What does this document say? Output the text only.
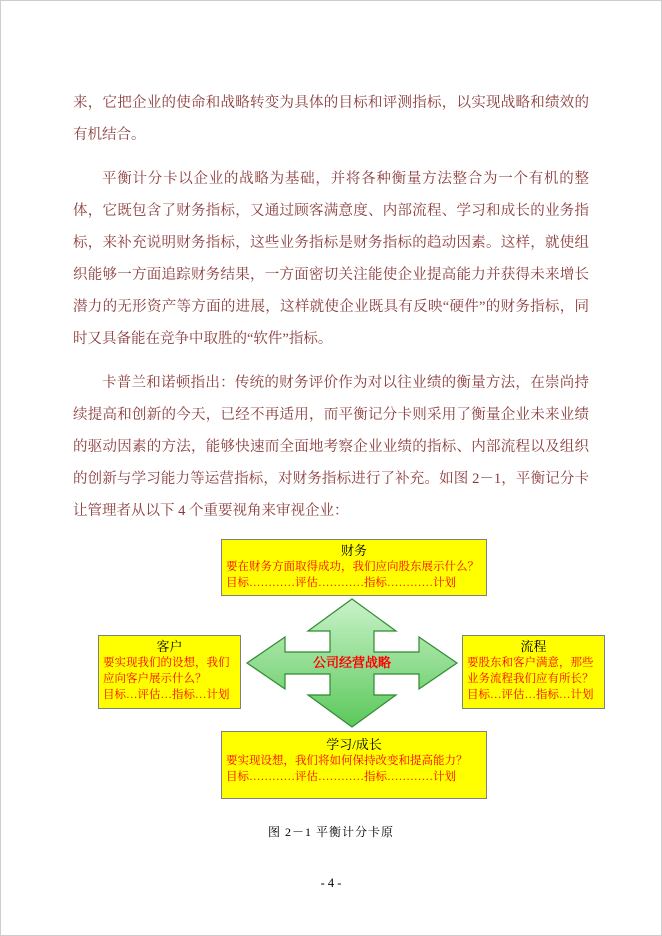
来，它把企业的使命和战略转变为具体的目标和评测指标，以实现战略和绩效的有机结合。

平衡计分卡以企业的战略为基础，并将各种衡量方法整合为一个有机的整体，它既包含了财务指标，又通过顾客满意度、内部流程、学习和成长的业务指标，来补充说明财务指标，这些业务指标是财务指标的趋动因素。这样，就使组织能够一方面追踪财务结果，一方面密切关注能使企业提高能力并获得未来增长潜力的无形资产等方面的进展，这样就使企业既具有反映“硬件”的财务指标，同时又具备能在竞争中取胜的“软件”指标。

卡普兰和诺顿指出：传统的财务评价作为对以往业绩的衡量方法，在崇尚持续提高和创新的今天，已经不再适用，而平衡记分卡则采用了衡量企业未来业绩的驱动因素的方法，能够快速而全面地考察企业业绩的指标、内部流程以及组织的创新与学习能力等运营指标，对财务指标进行了补充。如图 2－1，平衡记分卡让管理者从以下 4 个重要视角来审视企业：

财务
要在财务方面取得成功，我们应向股东展示什么？
目标…………评估…………指标…………计划
客户
要实现我们的设想，我们应向客户展示什么？
目标…评估…指标…计划
公司经营战略
流程
要股东和客户满意，那些业务流程我们应有所长？
目标…评估…指标…计划
学习/成长
要实现设想，我们将如何保持改变和提高能力？
目标…………评估…………指标…………计划
图 2－1 平衡计分卡原
- 4 -
